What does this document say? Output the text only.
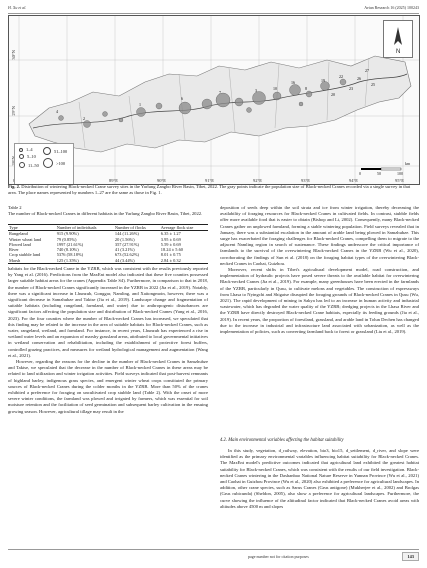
H. Xu et al.	Avian Research 16 (2025) 100243
30°N
29°N
89°E	90°E	91°E	92°E	93°E	94°E	95°E
4
2
1
6
27
7	3	10
16
8
19
22
23
26
20
25
1–4
5–10
11–50
51–100
>100
N
0	50	100
km
Fig. 2. Distribution of wintering Black-necked Crane survey sites in the Yarlung Zangbo River Basin, Tibet, 2022. The gray points indicate the population size of Black-necked Cranes recorded via a single survey in that area. The place names represented by numbers 1–27 are the same as those in Fig. 1.
Table 2
The number of Black-necked Cranes in different habitats in the Yarlung Zangbo River Basin, Tibet, 2022.
Type	Number of individuals	Number of flocks	Average flock size

Rangeland	915 (9.90%)	144 (11.26%)	6.35 ± 1.27
Winter wheat land	79 (0.85%)	20 (1.56%)	3.95 ± 0.69
Plowed land	1997 (21.61%)	357 (27.91%)	5.59 ± 0.69
River	740 (8.10%)	41 (3.21%)	18.24 ± 5.60
Crop stubble land	5376 (58.18%)	673 (52.62%)	8.01 ± 0.75
Marsh	125 (1.35%)	44 (3.44%)	2.84 ± 0.32

habitats for the Black-necked Crane in the YZRB, which was consistent with the results previously reported by Yang et al. (2016). Predictions from the MaxEnt model also indicated that these five counties possessed larger suitable habitat areas for the cranes (Appendix Table S4). Furthermore, in comparison to that in 2018, the number of Black-necked Cranes significantly increased in the YZRB in 2022 (Jia et al., 2019). Notably, there was a significant increase in Lhunzub, Gonggar, Namling, and Xaitongmoin, however, there was a significant decrease in Samzhubze and Taktse (Jia et al., 2019). Landscape change and fragmentation of suitable habitats (including rangeland, farmland, and water) due to anthropogenic disturbances are significant factors affecting the population size and distribution of Black-necked Cranes (Yang et al., 2016, 2023). For the four counties where the number of Black-necked Cranes has increased, we speculated that this finding may be related to the increase in the area of suitable habitats for Black-necked Cranes, such as water, rangeland, wetland, and farmland. For instance, in recent years, Lhunzub has experienced a rise in wetland water levels and an expansion of marshy grassland areas, attributed to local governmental initiatives in wetland conservation and rehabilitation, including the establishment of protective forest buffers, controlled grazing practices, and measures for wetland hydrological management and augmentation (Wang et al., 2021).

However, regarding the reasons for the decline in the number of Black-necked Cranes in Samzhubze and Taktse, we speculated that the decrease in the number of Black-necked Cranes in these areas may be related to land utilization and winter irrigation activities. Field surveys indicated that post-harvest remnants of highland barley, indigenous grass species, and emergent winter wheat crops constituted the primary sources of Black-necked Cranes during the colder months in the YZRB. More than 50% of the cranes exhibited a preference for foraging on uncultivated crop stubble land (Table 2). With the onset of more severe winter conditions, the farmland was plowed and irrigated by farmers, which was essential for soil moisture retention and the facilitation of seed germination and subsequent barley cultivation in the ensuing growing season. However, agricultural tillage may result in the

deposition of seeds deep within the soil strata and ice from winter irrigation, thereby decreasing the availability of foraging resources for Black-necked Cranes in cultivated fields. In contrast, stubble fields offer more available food that is easier to obtain (Bishop and Li, 2002). Consequently, many Black-necked Cranes gather on unplowed farmland, forming a stable wintering population. Field surveys revealed that in January, there was a substantial escalation in the amount of arable land being plowed in Samzhubze. This surge has exacerbated the foraging challenges for Black-necked Cranes, compelling them to migrate to the adjacent Namling region in search of sustenance. These findings underscore the critical importance of farmlands to the survival of the overwintering Black-necked Cranes in the YZRB (Wu et al., 2020), corroborating the findings of Sun et al. (2018) on the foraging habitat types of the overwintering Black-necked Cranes in Caohai, Guizhou.

Moreover, recent shifts in Tibet's agricultural development model, road construction, and implementation of hydraulic projects have posed severe threats to the available habitat for overwintering Black-necked Cranes (Jia et al., 2019). For example, many greenhouses have been erected in the farmlands of the YZRB, particularly in Qusu, to cultivate melons and vegetables. The construction of expressways from Lhasa to Nyingchi and Shigatse disrupted the foraging grounds of Black-necked Cranes in Qusu (Wu, 2021). The rapid development of mining in Sakya has led to an increase in human activity and industrial wastewater, which has degraded the water quality of the YZRB; dredging projects in the Lhasa River and the YZRB have directly destroyed Black-necked Crane habitats, especially its feeding grounds (Jia et al., 2019). In recent years, the proportion of forestland, grassland, and arable land in Tolun Dechen has changed due to the increase in industrial and infrastructure land associated with urbanization, as well as the implementation of policies, such as converting farmland back to forest or grassland (Liu et al., 2019).

4.2. Main environmental variables affecting the habitat suitability

In this study, vegetation, d_railway, elevation, bio3, bio15, d_settlement, d_river, and slope were identified as the primary environmental variables influencing habitat suitability for Black-necked Cranes. The MaxEnt model's predictive outcomes indicated that agricultural land exhibited the greatest habitat suitability for Black-necked Cranes, which was consistent with the results of our field investigation. Black-necked Cranes wintering in the Dashanbao National Nature Reserve in Yunnan Province (Wu et al., 2021) and Caohai in Guizhou Province (Wu et al., 2020) also exhibited a preference for agricultural landscapes. In addition, other crane species, such as Sarus Cranes (Grus antigone) (Mukherjee et al., 2002) and Brolgas (Grus rubicunda) (Sheldon, 2005), also show a preference for agricultural landscapes. Furthermore, the curve showing the influence of the altitudinal factor indicated that Black-necked Cranes avoid areas with altitudes above 4500 m and slopes

page number not for citation purposes	143
